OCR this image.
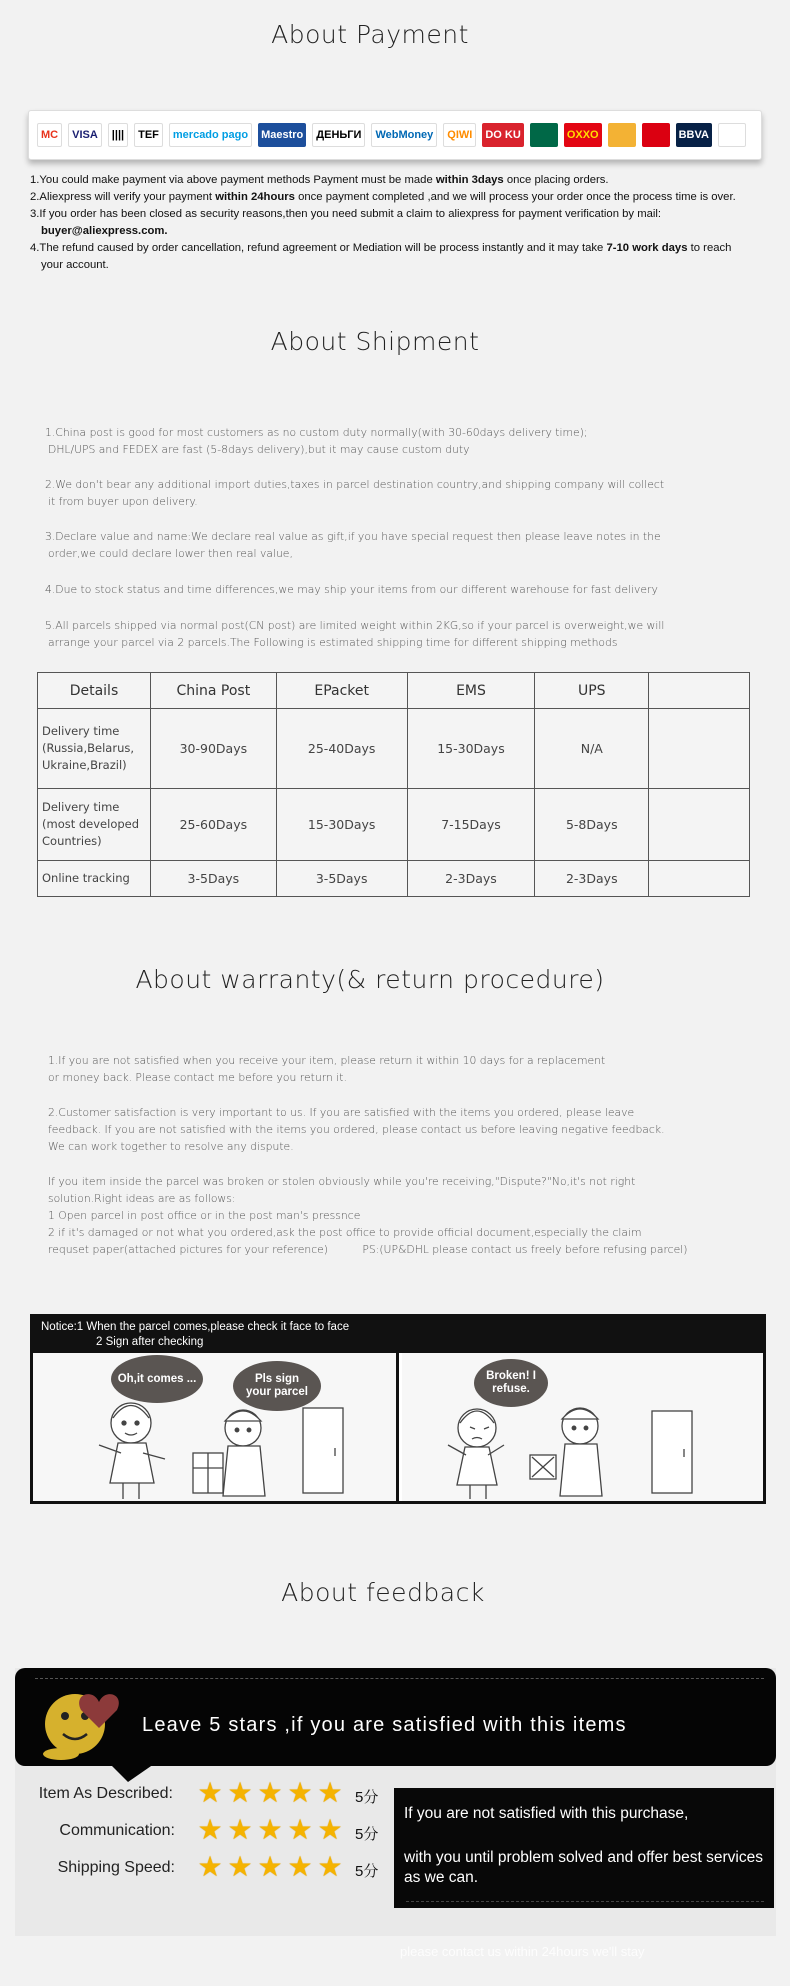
About Payment
MC	VISA	||||	TEF	mercado pago	Maestro	ДЕНЬГИ	WebMoney	QIWI	DO KU	OXXO	BBVA

1.You could make payment via above payment methods Payment must be made within 3days once placing orders.

2.Aliexpress will verify your payment within 24hours once payment completed ,and we will process your order once the process time is over.

3.If you order has been closed as security reasons,then you need submit a claim to aliexpress for payment verification by mail:
buyer@aliexpress.com.

4.The refund caused by order cancellation, refund agreement or Mediation will be process instantly and it may take 7-10 work days to reach
your account.

About Shipment

1.China post is good for most customers as no custom duty normally(with 30-60days delivery time);
DHL/UPS and FEDEX are fast (5-8days delivery),but it may cause custom duty

2.We don't bear any additional import duties,taxes in parcel destination country,and shipping company will collect
it from buyer upon delivery.

3.Declare value and name:We declare real value as gift,if you have special request then please leave notes in the
order,we could declare lower then real value,

4.Due to stock status and time differences,we may ship your items from our different warehouse for fast delivery

5.All parcels shipped via normal post(CN post) are limited weight within 2KG,so if your parcel is overweight,we will
arrange your parcel via 2 parcels.The Following is estimated shipping time for different shipping methods

Details	China Post	EPacket	EMS	UPS	

Delivery time
(Russia,Belarus,
Ukraine,Brazil)	30-90Days	25-40Days	15-30Days	N/A	

Delivery time
(most developed
Countries)	25-60Days	15-30Days	7-15Days	5-8Days	

Online tracking	3-5Days	3-5Days	2-3Days	2-3Days	
About warranty(& return procedure)

1.If you are not satisfied when you receive your item, please return it within 10 days for a replacement
or money back. Please contact me before you return it.

2.Customer satisfaction is very important to us. If you are satisfied with the items you ordered, please leave
feedback. If you are not satisfied with the items you ordered, please contact us before leaving negative feedback.
We can work together to resolve any dispute.

If you item inside the parcel was broken or stolen obviously while you're receiving,"Dispute?"No,it's not right
solution.Right ideas are as follows:
1 Open parcel in post office or in the post man's pressnce
2 if it's damaged or not what you ordered,ask the post office to provide official document,especially the claim
requset paper(attached pictures for your reference)          PS:(UP&DHL please contact us freely before refusing parcel)

Notice:1 When the parcel comes,please check it face to face
2 Sign after checking
Oh,it comes ...	Pls sign your parcel
Broken! I refuse.
About feedback
Leave 5 stars ,if you are satisfied with this items
Item As Described: ★ ★ ★ ★ ★ 5分
Communication: ★ ★ ★ ★ ★ 5分
Shipping Speed: ★ ★ ★ ★ ★ 5分
If you are not satisfied with this purchase,
with you until problem solved and offer best services as we can.
please contact us within 24hours we'll stay
